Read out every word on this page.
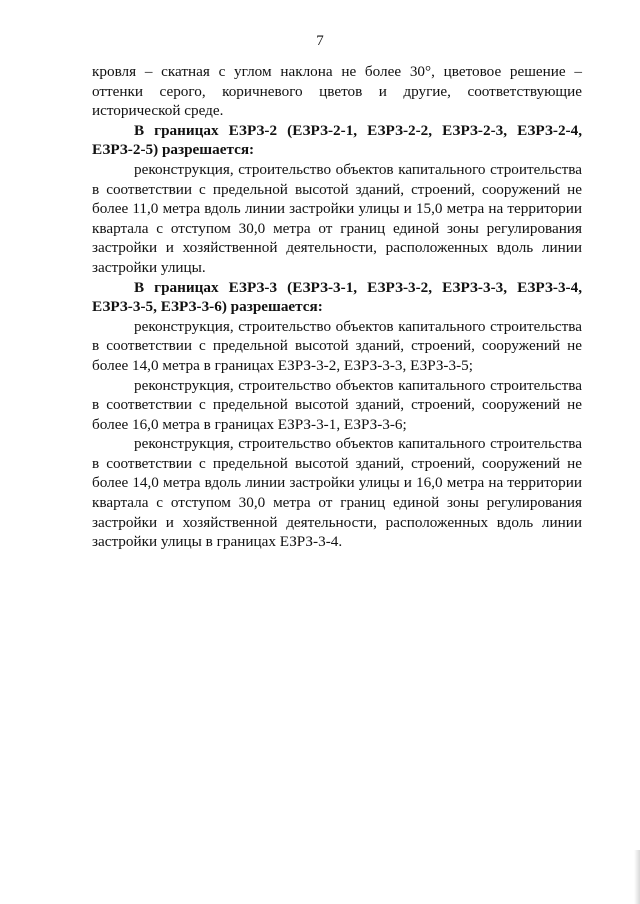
7

кровля – скатная с углом наклона не более 30°, цветовое решение – оттенки серого, коричневого цветов и другие, соответствующие исторической среде.

В границах ЕЗРЗ-2 (ЕЗРЗ-2-1, ЕЗРЗ-2-2, ЕЗРЗ-2-3, ЕЗРЗ-2-4, ЕЗРЗ-2-5) разрешается:

реконструкция, строительство объектов капитального строительства в соответствии с предельной высотой зданий, строений, сооружений не более 11,0 метра вдоль линии застройки улицы и 15,0 метра на территории квартала с отступом 30,0 метра от границ единой зоны регулирования застройки и хозяйственной деятельности, расположенных вдоль линии застройки улицы.

В границах ЕЗРЗ-3 (ЕЗРЗ-3-1, ЕЗРЗ-3-2, ЕЗРЗ-3-3, ЕЗРЗ-3-4, ЕЗРЗ-3-5, ЕЗРЗ-3-6) разрешается:

реконструкция, строительство объектов капитального строительства в соответствии с предельной высотой зданий, строений, сооружений не более 14,0 метра в границах ЕЗРЗ-3-2, ЕЗРЗ-3-3, ЕЗРЗ-3-5;

реконструкция, строительство объектов капитального строительства в соответствии с предельной высотой зданий, строений, сооружений не более 16,0 метра в границах ЕЗРЗ-3-1, ЕЗРЗ-3-6;

реконструкция, строительство объектов капитального строительства в соответствии с предельной высотой зданий, строений, сооружений не более 14,0 метра вдоль линии застройки улицы и 16,0 метра на территории квартала с отступом 30,0 метра от границ единой зоны регулирования застройки и хозяйственной деятельности, расположенных вдоль линии застройки улицы в границах ЕЗРЗ-3-4.
